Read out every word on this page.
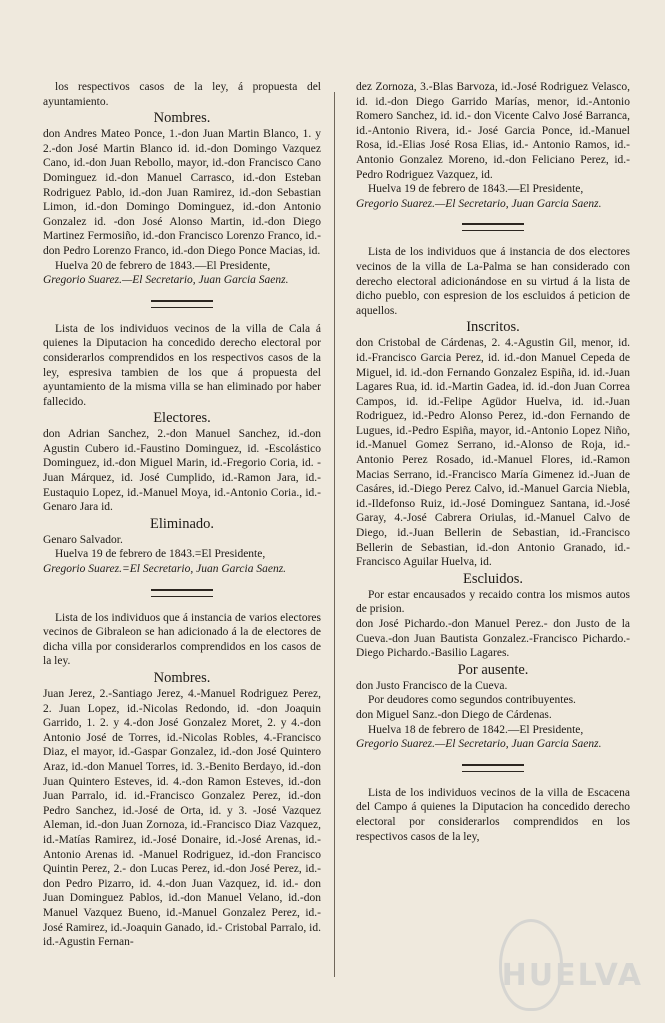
los respectivos casos de la ley, á propuesta del ayuntamiento.

Nombres.

don Andres Mateo Ponce, 1.-don Juan Martin Blanco, 1. y 2.-don José Martin Blanco id. id.-don Domingo Vazquez Cano, id.-don Juan Rebollo, mayor, id.-don Francisco Cano Dominguez id.-don Manuel Carrasco, id.-don Esteban Rodriguez Pablo, id.-don Juan Ramirez, id.-don Sebastian Limon, id.-don Domingo Dominguez, id.-don Antonio Gonzalez id. -don José Alonso Martin, id.-don Diego Martinez Fermosiño, id.-don Francisco Lorenzo Franco, id.-don Pedro Lorenzo Franco, id.-don Diego Ponce Macias, id.

Huelva 20 de febrero de 1843.—El Presidente,

Gregorio Suarez.—El Secretario, Juan Garcia Saenz.

Lista de los individuos vecinos de la villa de Cala á quienes la Diputacion ha concedido derecho electoral por considerarlos comprendidos en los respectivos casos de la ley, espresiva tambien de los que á propuesta del ayuntamiento de la misma villa se han eliminado por haber fallecido.

Electores.

don Adrian Sanchez, 2.-don Manuel Sanchez, id.-don Agustin Cubero id.-Faustino Dominguez, id. -Escolástico Dominguez, id.-don Miguel Marin, id.-Fregorio Coria, id. -Juan Márquez, id. José Cumplido, id.-Ramon Jara, id.-Eustaquio Lopez, id.-Manuel Moya, id.-Antonio Coria., id.-Genaro Jara id.

Eliminado.

Genaro Salvador.

Huelva 19 de febrero de 1843.=El Presidente,

Gregorio Suarez.=El Secretario, Juan Garcia Saenz.

Lista de los individuos que á instancia de varios electores vecinos de Gibraleon se han adicionado á la de electores de dicha villa por considerarlos comprendidos en los casos de la ley.

Nombres.

Juan Jerez, 2.-Santiago Jerez, 4.-Manuel Rodriguez Perez, 2. Juan Lopez, id.-Nicolas Redondo, id. -don Joaquin Garrido, 1. 2. y 4.-don José Gonzalez Moret, 2. y 4.-don Antonio José de Torres, id.-Nicolas Robles, 4.-Francisco Diaz, el mayor, id.-Gaspar Gonzalez, id.-don José Quintero Araz, id.-don Manuel Torres, id. 3.-Benito Berdayo, id.-don Juan Quintero Esteves, id. 4.-don Ramon Esteves, id.-don Juan Parralo, id. id.-Francisco Gonzalez Perez, id.-don Pedro Sanchez, id.-José de Orta, id. y 3. -José Vazquez Aleman, id.-don Juan Zornoza, id.-Francisco Diaz Vazquez, id.-Matías Ramirez, id.-José Donaire, id.-José Arenas, id.-Antonio Arenas id. -Manuel Rodriguez, id.-don Francisco Quintin Perez, 2.- don Lucas Perez, id.-don José Perez, id.-don Pedro Pizarro, id. 4.-don Juan Vazquez, id. id.- don Juan Dominguez Pablos, id.-don Manuel Velano, id.-don Manuel Vazquez Bueno, id.-Manuel Gonzalez Perez, id.-José Ramirez, id.-Joaquin Ganado, id.- Cristobal Parralo, id. id.-Agustin Fernan-

dez Zornoza, 3.-Blas Barvoza, id.-José Rodriguez Velasco, id. id.-don Diego Garrido Marías, menor, id.-Antonio Romero Sanchez, id. id.- don Vicente Calvo José Barranca, id.-Antonio Rivera, id.- José Garcia Ponce, id.-Manuel Rosa, id.-Elias José Rosa Elias, id.- Antonio Ramos, id.-Antonio Gonzalez Moreno, id.-don Feliciano Perez, id.-Pedro Rodriguez Vazquez, id.

Huelva 19 de febrero de 1843.—El Presidente,

Gregorio Suarez.—El Secretario, Juan Garcia Saenz.

Lista de los individuos que á instancia de dos electores vecinos de la villa de La-Palma se han considerado con derecho electoral adicionándose en su virtud á la lista de dicho pueblo, con espresion de los escluidos á peticion de aquellos.

Inscritos.

don Cristobal de Cárdenas, 2. 4.-Agustin Gil, menor, id. id.-Francisco Garcia Perez, id. id.-don Manuel Cepeda de Miguel, id. id.-don Fernando Gonzalez Espiña, id. id.-Juan Lagares Rua, id. id.-Martin Gadea, id. id.-don Juan Correa Campos, id. id.-Felipe Agüdor Huelva, id. id.-Juan Rodriguez, id.-Pedro Alonso Perez, id.-don Fernando de Lugues, id.-Pedro Espiña, mayor, id.-Antonio Lopez Niño, id.-Manuel Gomez Serrano, id.-Alonso de Roja, id.-Antonio Perez Rosado, id.-Manuel Flores, id.-Ramon Macias Serrano, id.-Francisco María Gimenez id.-Juan de Casáres, id.-Diego Perez Calvo, id.-Manuel Garcia Niebla, id.-Ildefonso Ruiz, id.-José Dominguez Santana, id.-José Garay, 4.-José Cabrera Oriulas, id.-Manuel Calvo de Diego, id.-Juan Bellerin de Sebastian, id.-Francisco Bellerin de Sebastian, id.-don Antonio Granado, id.- Francisco Aguilar Huelva, id.

Escluidos.

Por estar encausados y recaido contra los mismos autos de prision.

don José Pichardo.-don Manuel Perez.- don Justo de la Cueva.-don Juan Bautista Gonzalez.-Francisco Pichardo.-Diego Pichardo.-Basilio Lagares.

Por ausente.

don Justo Francisco de la Cueva.

Por deudores como segundos contribuyentes.

don Miguel Sanz.-don Diego de Cárdenas.

Huelva 18 de febrero de 1842.—El Presidente,

Gregorio Suarez.—El Secretario, Juan Garcia Saenz.

Lista de los individuos vecinos de la villa de Escacena del Campo á quienes la Diputacion ha concedido derecho electoral por considerarlos comprendidos en los respectivos casos de la ley,

HUELVA
